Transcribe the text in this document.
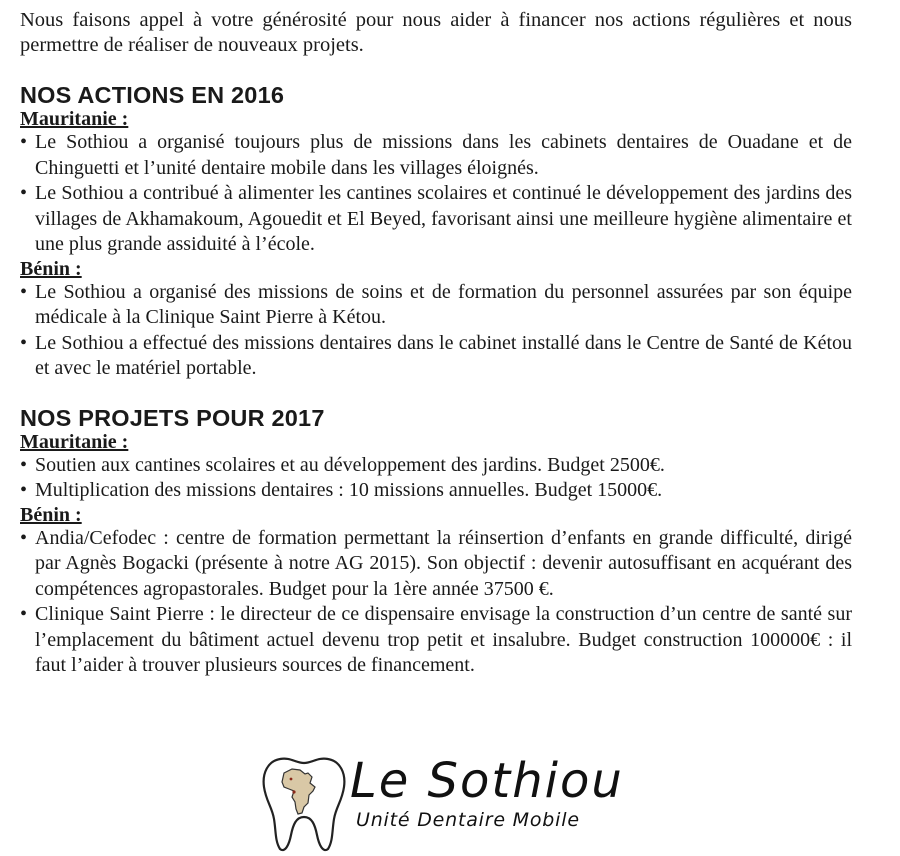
Nous faisons appel à votre générosité pour nous aider à financer nos actions régulières et nous permettre de réaliser de nouveaux projets.

NOS ACTIONS EN 2016

Mauritanie :

• Le Sothiou a organisé toujours plus de missions dans les cabinets dentaires de Ouadane et de Chinguetti et l’unité dentaire mobile dans les villages éloignés.
• Le Sothiou a contribué à alimenter les cantines scolaires et continué le développement des jardins des villages de Akhamakoum, Agouedit et El Beyed, favorisant ainsi une meilleure hygiène alimentaire et une plus grande assiduité à l’école.

Bénin :

• Le Sothiou a organisé des missions de soins et de formation du personnel assurées par son équipe médicale à la Clinique Saint Pierre à Kétou.
• Le Sothiou a effectué des missions dentaires dans le cabinet installé dans le Centre de Santé de Kétou et avec le matériel portable.
NOS PROJETS POUR 2017

Mauritanie :

• Soutien aux cantines scolaires et au développement des jardins. Budget 2500€.
• Multiplication des missions dentaires : 10 missions annuelles. Budget 15000€.

Bénin :

• Andia/Cefodec : centre de formation permettant la réinsertion d’enfants en grande difficulté, dirigé par Agnès Bogacki (présente à notre AG 2015). Son objectif : devenir autosuffisant en acquérant des compétences agropastorales. Budget pour la 1ère année 37500 €.
• Clinique Saint Pierre : le directeur de ce dispensaire envisage la construction d’un centre de santé sur l’emplacement du bâtiment actuel devenu trop petit et insalubre. Budget construction 100000€ : il faut l’aider à trouver plusieurs sources de financement.
Le Sothiou
Unité Dentaire Mobile
